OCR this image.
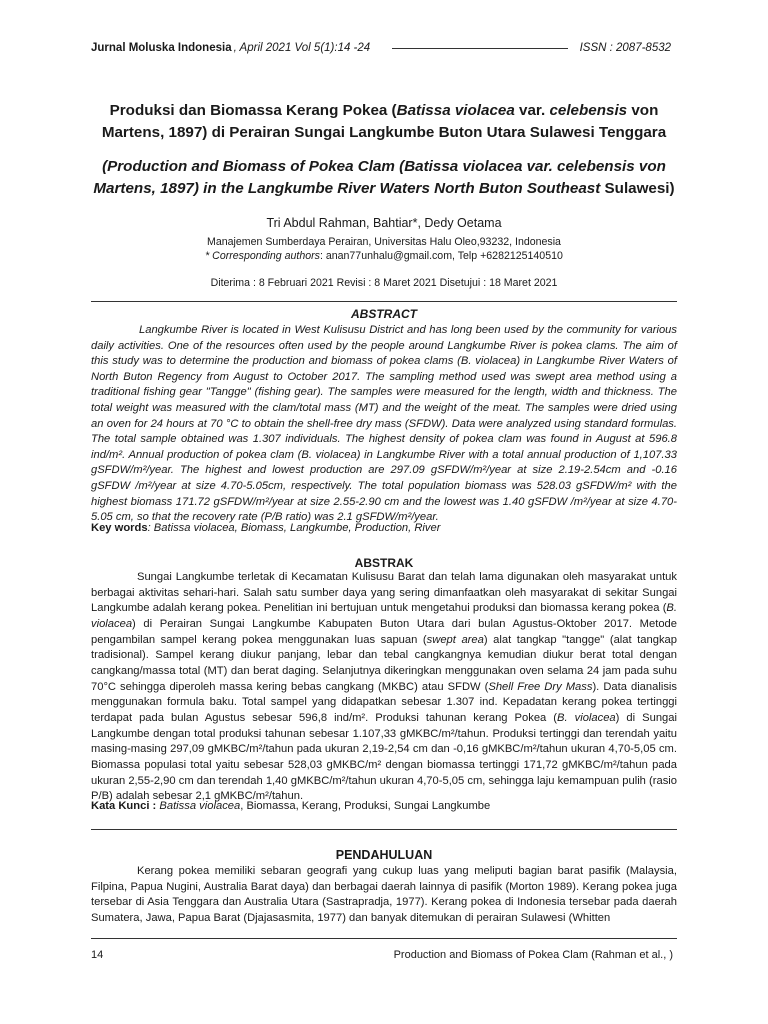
Jurnal Moluska Indonesia , April 2021 Vol 5(1):14 -24	ISSN : 2087-8532
Produksi dan Biomassa Kerang Pokea (Batissa violacea var. celebensis von Martens, 1897) di Perairan Sungai Langkumbe Buton Utara Sulawesi Tenggara
(Production and Biomass of Pokea Clam (Batissa violacea var. celebensis von Martens, 1897) in the Langkumbe River Waters North Buton Southeast Sulawesi)
Tri Abdul Rahman, Bahtiar*, Dedy Oetama
Manajemen Sumberdaya Perairan, Universitas Halu Oleo,93232, Indonesia
* Corresponding authors: anan77unhalu@gmail.com, Telp +6282125140510
Diterima : 8 Februari 2021 Revisi : 8 Maret 2021 Disetujui : 18 Maret 2021
ABSTRACT
Langkumbe River is located in West Kulisusu District and has long been used by the community for various daily activities. One of the resources often used by the people around Langkumbe River is pokea clams. The aim of this study was to determine the production and biomass of pokea clams (B. violacea) in Langkumbe River Waters of North Buton Regency from August to October 2017. The sampling method used was swept area method using a traditional fishing gear "Tangge" (fishing gear). The samples were measured for the length, width and thickness. The total weight was measured with the clam/total mass (MT) and the weight of the meat. The samples were dried using an oven for 24 hours at 70 °C to obtain the shell-free dry mass (SFDW). Data were analyzed using standard formulas. The total sample obtained was 1.307 individuals. The highest density of pokea clam was found in August at 596.8 ind/m². Annual production of pokea clam (B. violacea) in Langkumbe River with a total annual production of 1,107.33 gSFDW/m²/year. The highest and lowest production are 297.09 gSFDW/m²/year at size 2.19-2.54cm and -0.16 gSFDW /m²/year at size 4.70-5.05cm, respectively. The total population biomass was 528.03 gSFDW/m² with the highest biomass 171.72 gSFDW/m²/year at size 2.55-2.90 cm and the lowest was 1.40 gSFDW /m²/year at size 4.70-5.05 cm, so that the recovery rate (P/B ratio) was 2.1 gSFDW/m²/year.
Key words: Batissa violacea, Biomass, Langkumbe, Production, River
ABSTRAK
Sungai Langkumbe terletak di Kecamatan Kulisusu Barat dan telah lama digunakan oleh masyarakat untuk berbagai aktivitas sehari-hari. Salah satu sumber daya yang sering dimanfaatkan oleh masyarakat di sekitar Sungai Langkumbe adalah kerang pokea. Penelitian ini bertujuan untuk mengetahui produksi dan biomassa kerang pokea (B. violacea) di Perairan Sungai Langkumbe Kabupaten Buton Utara dari bulan Agustus-Oktober 2017. Metode pengambilan sampel kerang pokea menggunakan luas sapuan (swept area) alat tangkap "tangge" (alat tangkap tradisional). Sampel kerang diukur panjang, lebar dan tebal cangkangnya kemudian diukur berat total dengan cangkang/massa total (MT) dan berat daging. Selanjutnya dikeringkan menggunakan oven selama 24 jam pada suhu 70°C sehingga diperoleh massa kering bebas cangkang (MKBC) atau SFDW (Shell Free Dry Mass). Data dianalisis menggunakan formula baku. Total sampel yang didapatkan sebesar 1.307 ind. Kepadatan kerang pokea tertinggi terdapat pada bulan Agustus sebesar 596,8 ind/m². Produksi tahunan kerang Pokea (B. violacea) di Sungai Langkumbe dengan total produksi tahunan sebesar 1.107,33 gMKBC/m²/tahun. Produksi tertinggi dan terendah yaitu masing-masing 297,09 gMKBC/m²/tahun pada ukuran 2,19-2,54 cm dan -0,16 gMKBC/m²/tahun ukuran 4,70-5,05 cm. Biomassa populasi total yaitu sebesar 528,03 gMKBC/m² dengan biomassa tertinggi 171,72 gMKBC/m²/tahun pada ukuran 2,55-2,90 cm dan terendah 1,40 gMKBC/m²/tahun ukuran 4,70-5,05 cm, sehingga laju kemampuan pulih (rasio P/B) adalah sebesar 2,1 gMKBC/m²/tahun.
Kata Kunci : Batissa violacea, Biomassa, Kerang, Produksi, Sungai Langkumbe
PENDAHULUAN
Kerang pokea memiliki sebaran geografi yang cukup luas yang meliputi bagian barat pasifik (Malaysia, Filpina, Papua Nugini, Australia Barat daya) dan berbagai daerah lainnya di pasifik (Morton 1989). Kerang pokea juga tersebar di Asia Tenggara dan Australia Utara (Sastrapradja, 1977). Kerang pokea di Indonesia tersebar pada daerah Sumatera, Jawa, Papua Barat (Djajasasmita, 1977) dan banyak ditemukan di perairan Sulawesi (Whitten
14	Production and Biomass of Pokea Clam (Rahman et al., )
